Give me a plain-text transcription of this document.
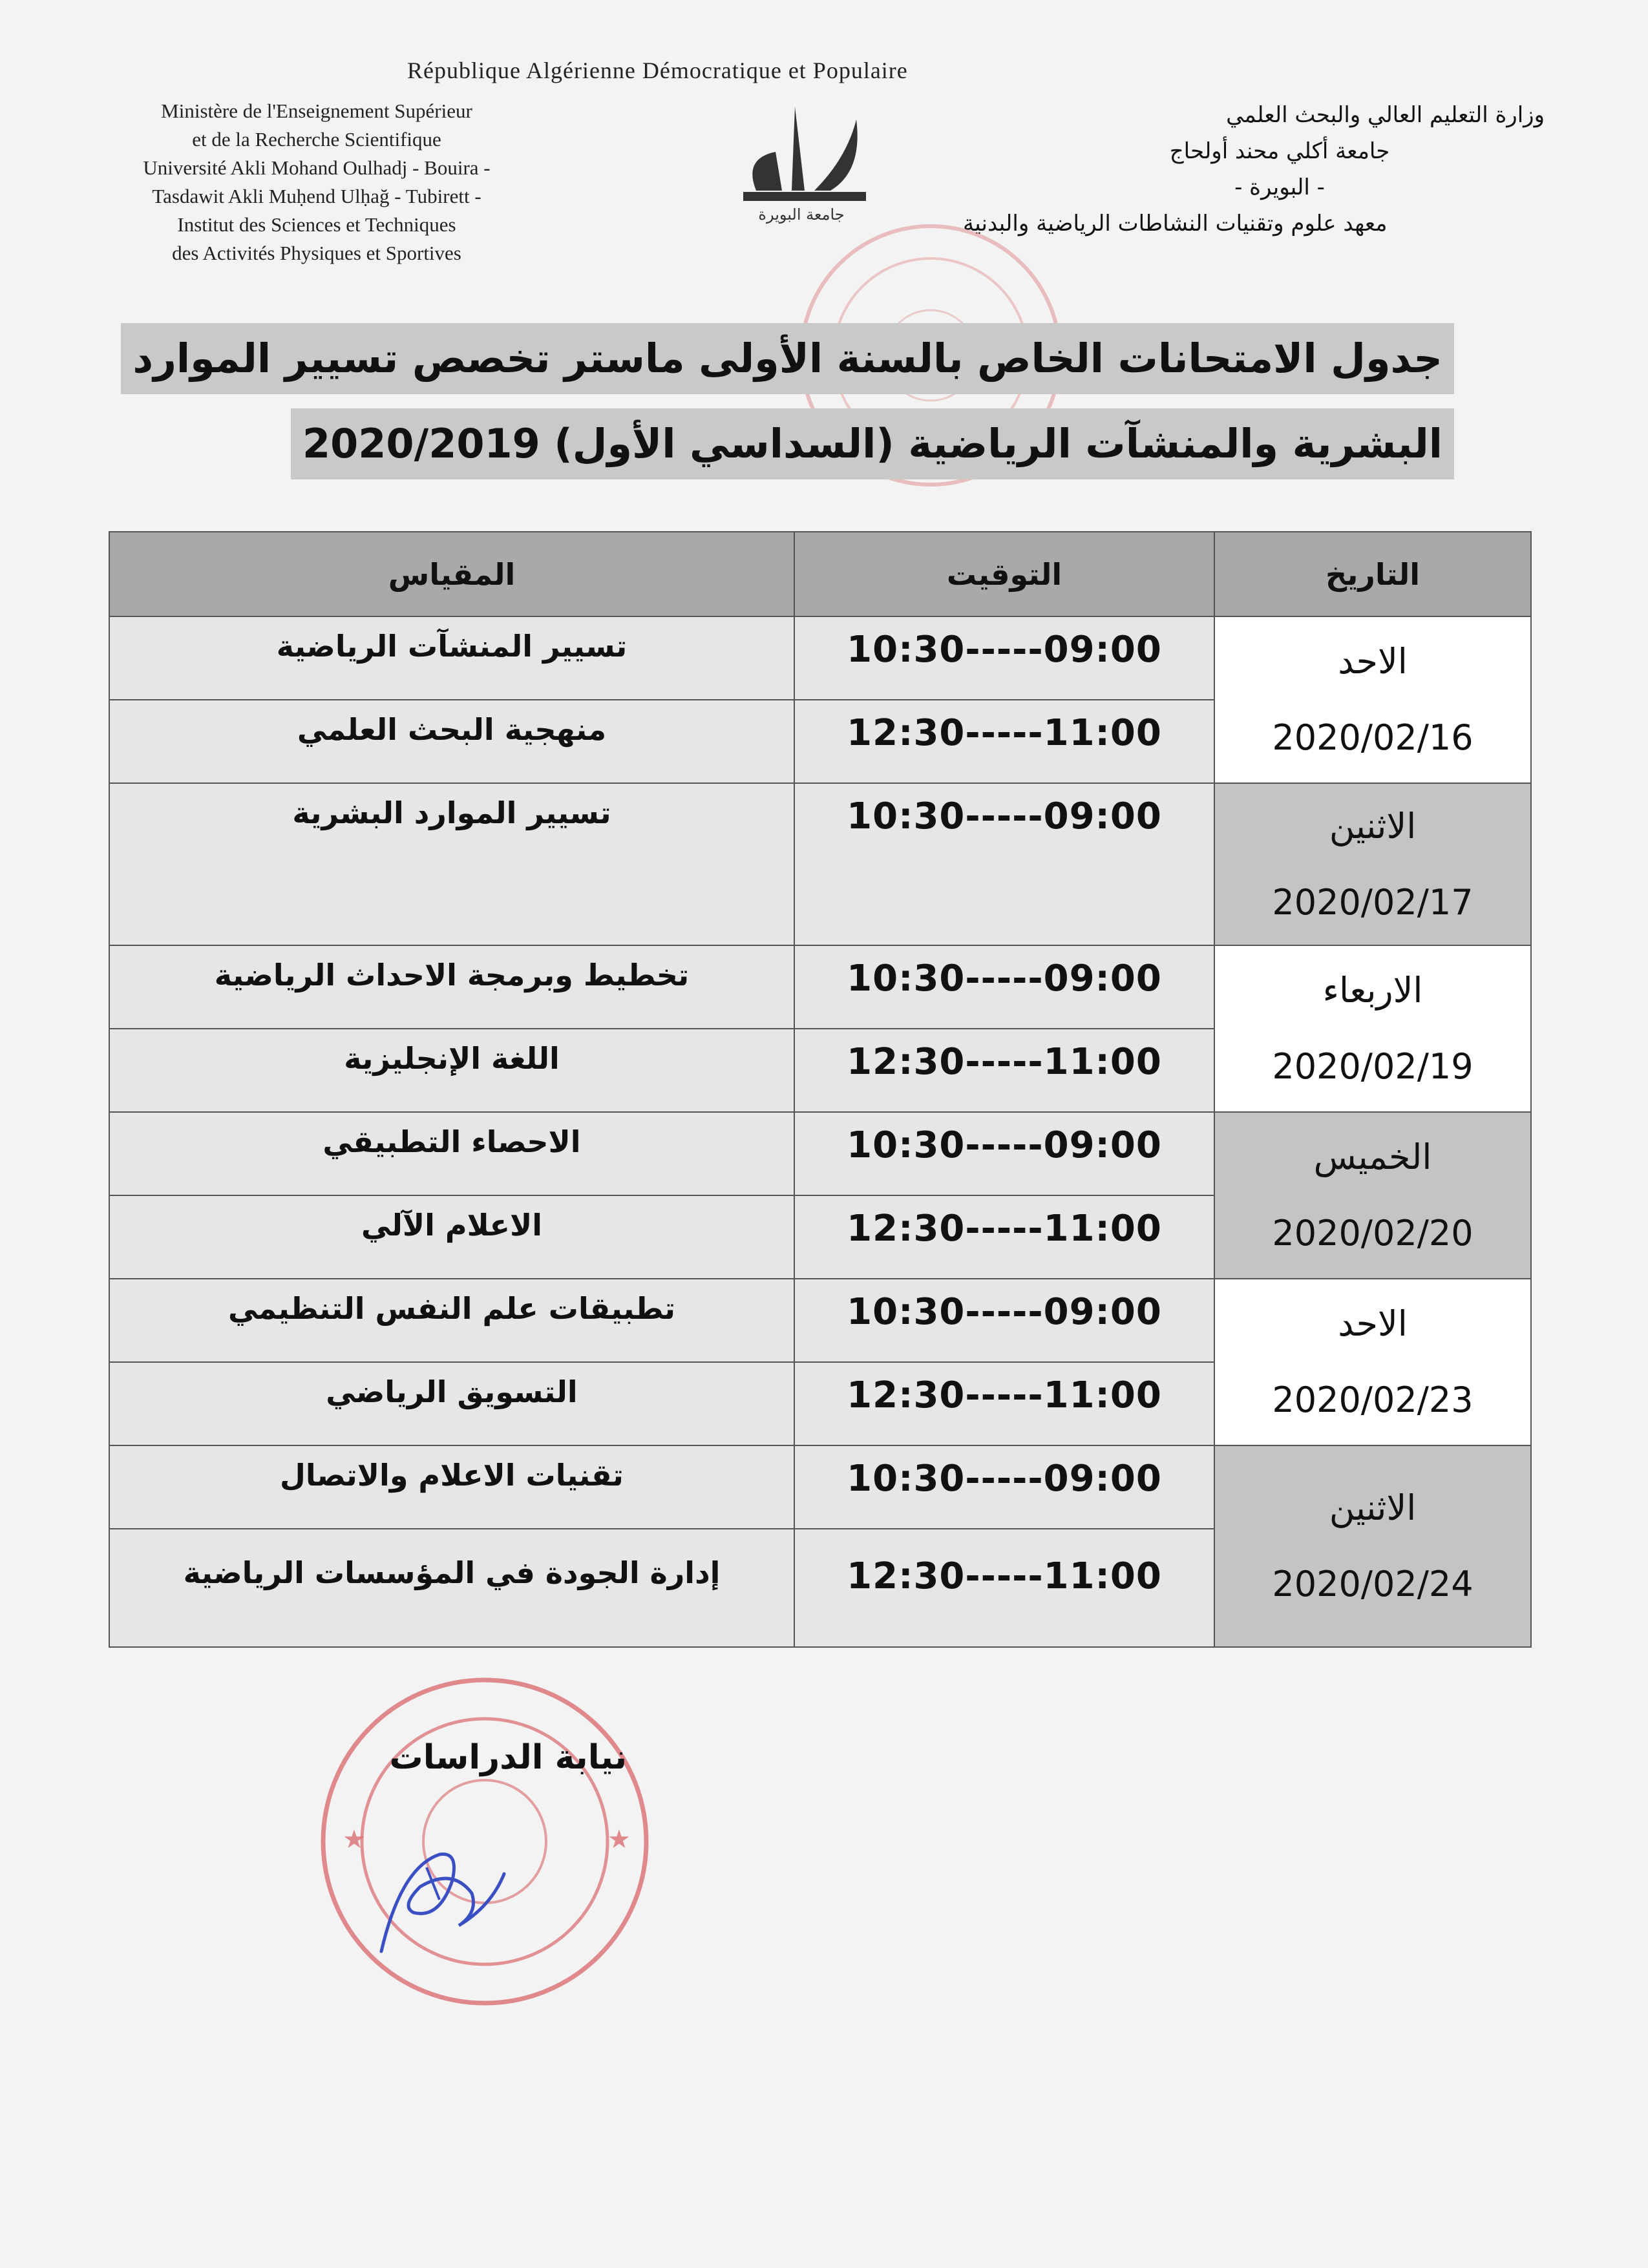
République Algérienne Démocratique et Populaire
Ministère de l'Enseignement Supérieur
et de la Recherche Scientifique
Université Akli Mohand Oulhadj - Bouira -
Tasdawit Akli Muḥend Ulḥağ - Tubirett -
Institut des Sciences et Techniques
des Activités Physiques et Sportives
جامعة البويرة
وزارة التعليم العالي والبحث العلمي
جامعة أكلي محند أولحاج
- البويرة -
معهد علوم وتقنيات النشاطات الرياضية والبدنية
جدول الامتحانات الخاص بالسنة الأولى ماستر تخصص تسيير الموارد
البشرية والمنشآت الرياضية (السداسي الأول) 2020/2019
التاريخ	التوقيت	المقياس

الاحد
2020/02/16	10:30-----09:00	تسيير المنشآت الرياضية
	12:30-----11:00	منهجية البحث العلمي

الاثنين
2020/02/17	10:30-----09:00	تسيير الموارد البشرية

الاربعاء
2020/02/19	10:30-----09:00	تخطيط وبرمجة الاحداث الرياضية
	12:30-----11:00	اللغة الإنجليزية

الخميس
2020/02/20	10:30-----09:00	الاحصاء التطبيقي
	12:30-----11:00	الاعلام الآلي

الاحد
2020/02/23	10:30-----09:00	تطبيقات علم النفس التنظيمي
	12:30-----11:00	التسويق الرياضي

الاثنين
2020/02/24	10:30-----09:00	تقنيات الاعلام والاتصال
	12:30-----11:00	إدارة الجودة في المؤسسات الرياضية
★	★
نيابة الدراسات
